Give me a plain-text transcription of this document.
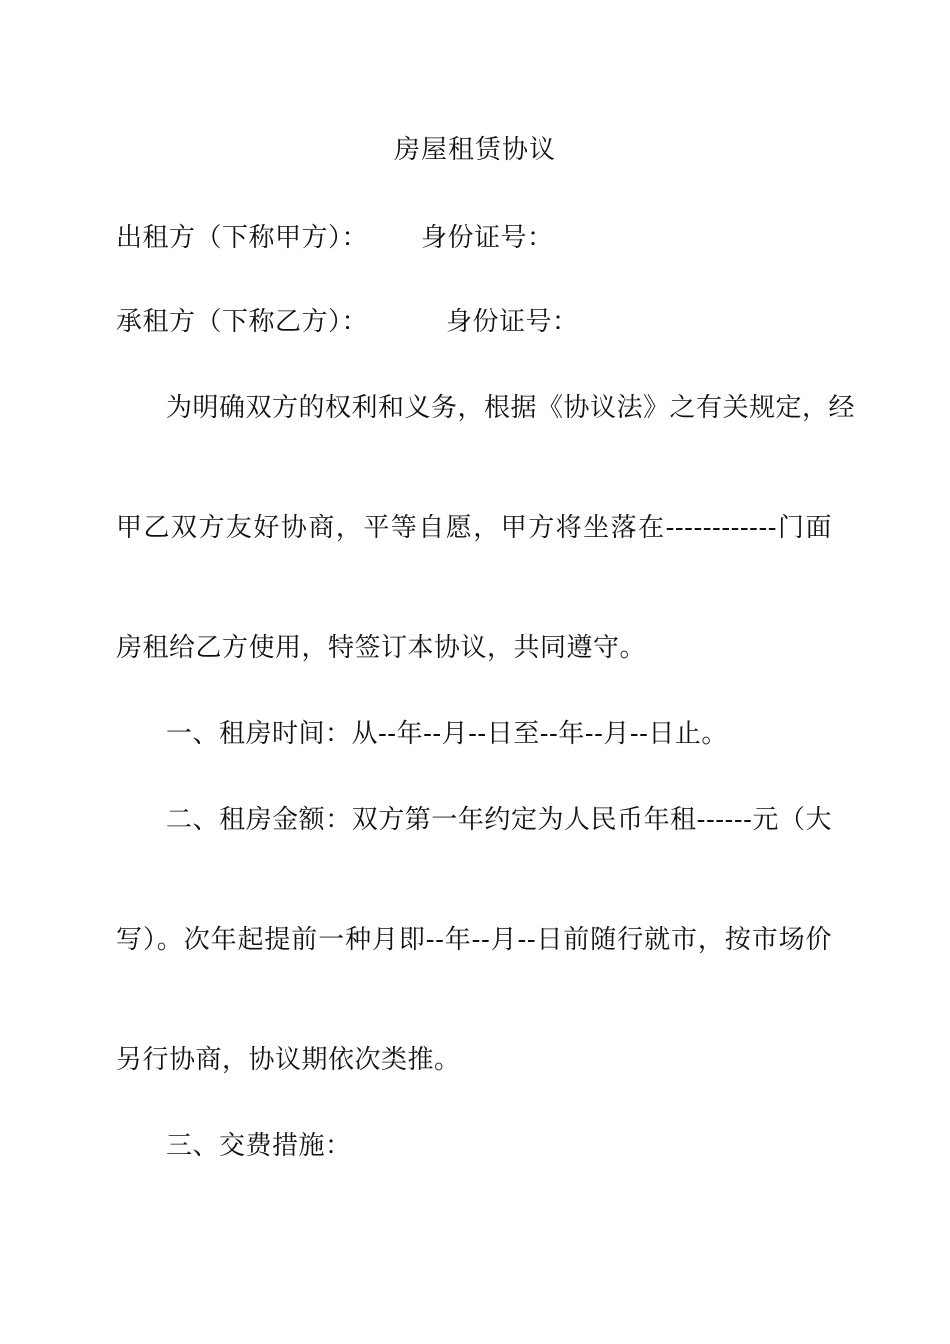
房屋租赁协议
出租方（下称甲方）： 身份证号：
承租方（下称乙方）：	身份证号：
为明确双方的权利和义务，根据《协议法》之有关规定，经
甲乙双方友好协商，平等自愿，甲方将坐落在------------门面
房租给乙方使用，特签订本协议，共同遵守。
一、租房时间：从--年--月--日至--年--月--日止。
二、租房金额：双方第一年约定为人民币年租------元（大
写）。次年起提前一种月即--年--月--日前随行就市，按市场价
另行协商，协议期依次类推。
三、交费措施：
